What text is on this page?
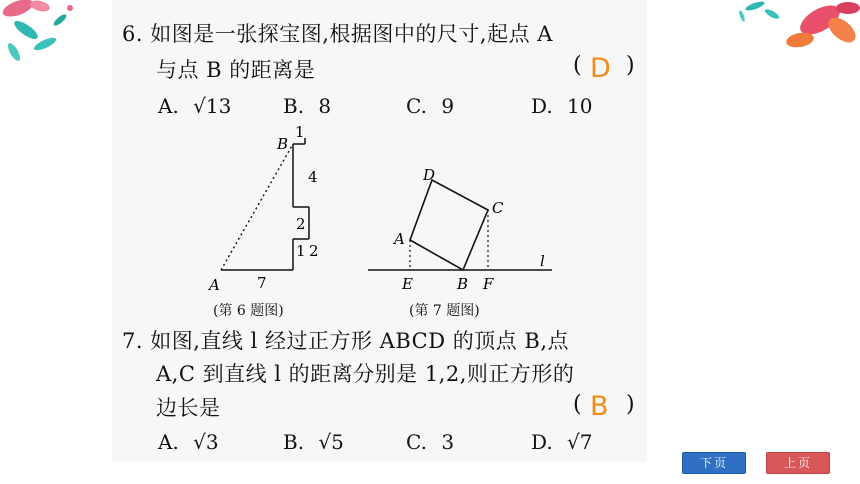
6. 如图是一张探宝图,根据图中的尺寸,起点 A
与点 B 的距离是	( D )
A. √13	B. 8	C. 9	D. 10
A
B
1
4
2
1 2
7
(第 6 题图)
D
C
A
E	B F
l
(第 7 题图)
7. 如图,直线 l 经过正方形 ABCD 的顶点 B,点
A,C 到直线 l 的距离分别是 1,2,则正方形的
边长是	( B )
A. √3	B. √5	C. 3	D. √7
下页	上页
